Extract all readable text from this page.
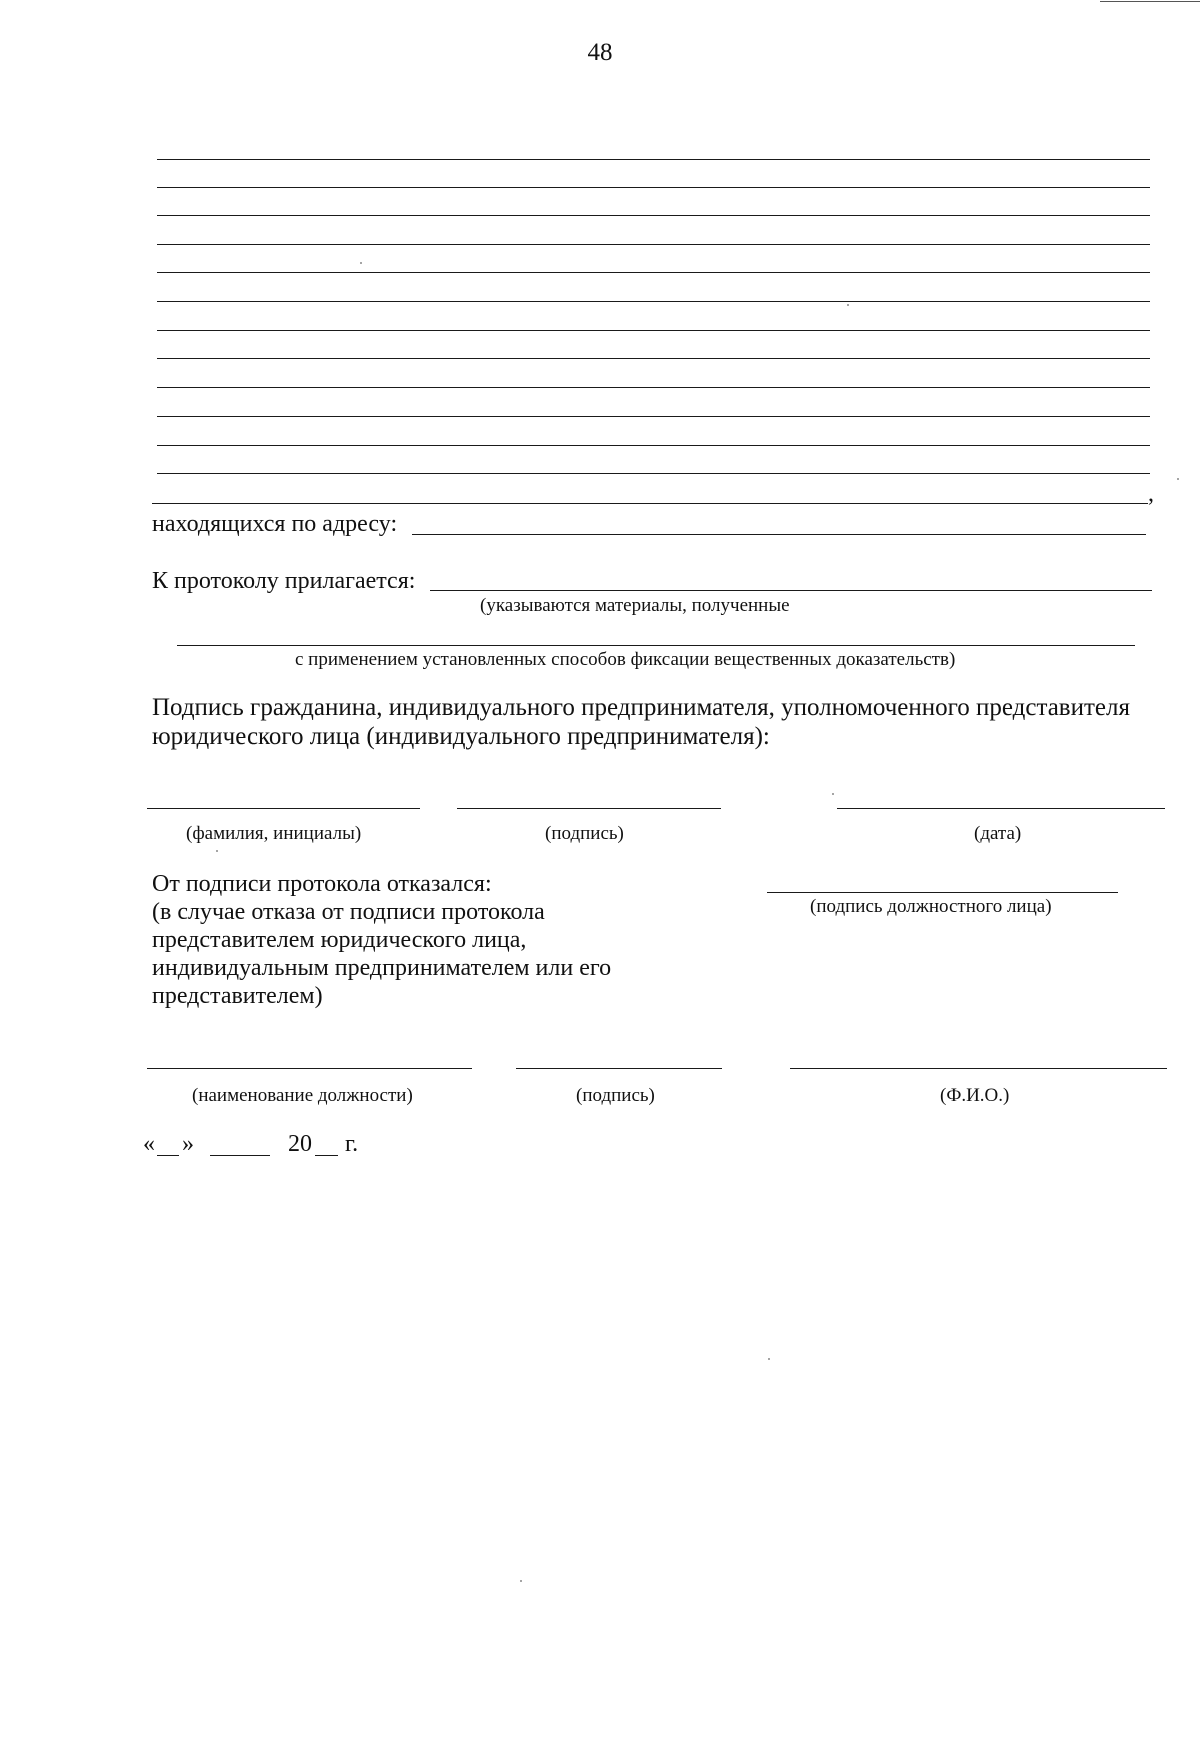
48
,
находящихся по адресу:
К протоколу прилагается:
(указываются материалы, полученные
с применением установленных способов фиксации вещественных доказательств)
Подпись гражданина, индивидуального предпринимателя, уполномоченного представителя
юридического лица (индивидуального предпринимателя):
(фамилия, инициалы)	(подпись)	(дата)
От подписи протокола отказался:
(в случае отказа от подписи протокола
представителем юридического лица,
индивидуальным предпринимателем или его
представителем)
(подпись должностного лица)
(наименование должности)	(подпись)	(Ф.И.О.)
« »	20 г.
